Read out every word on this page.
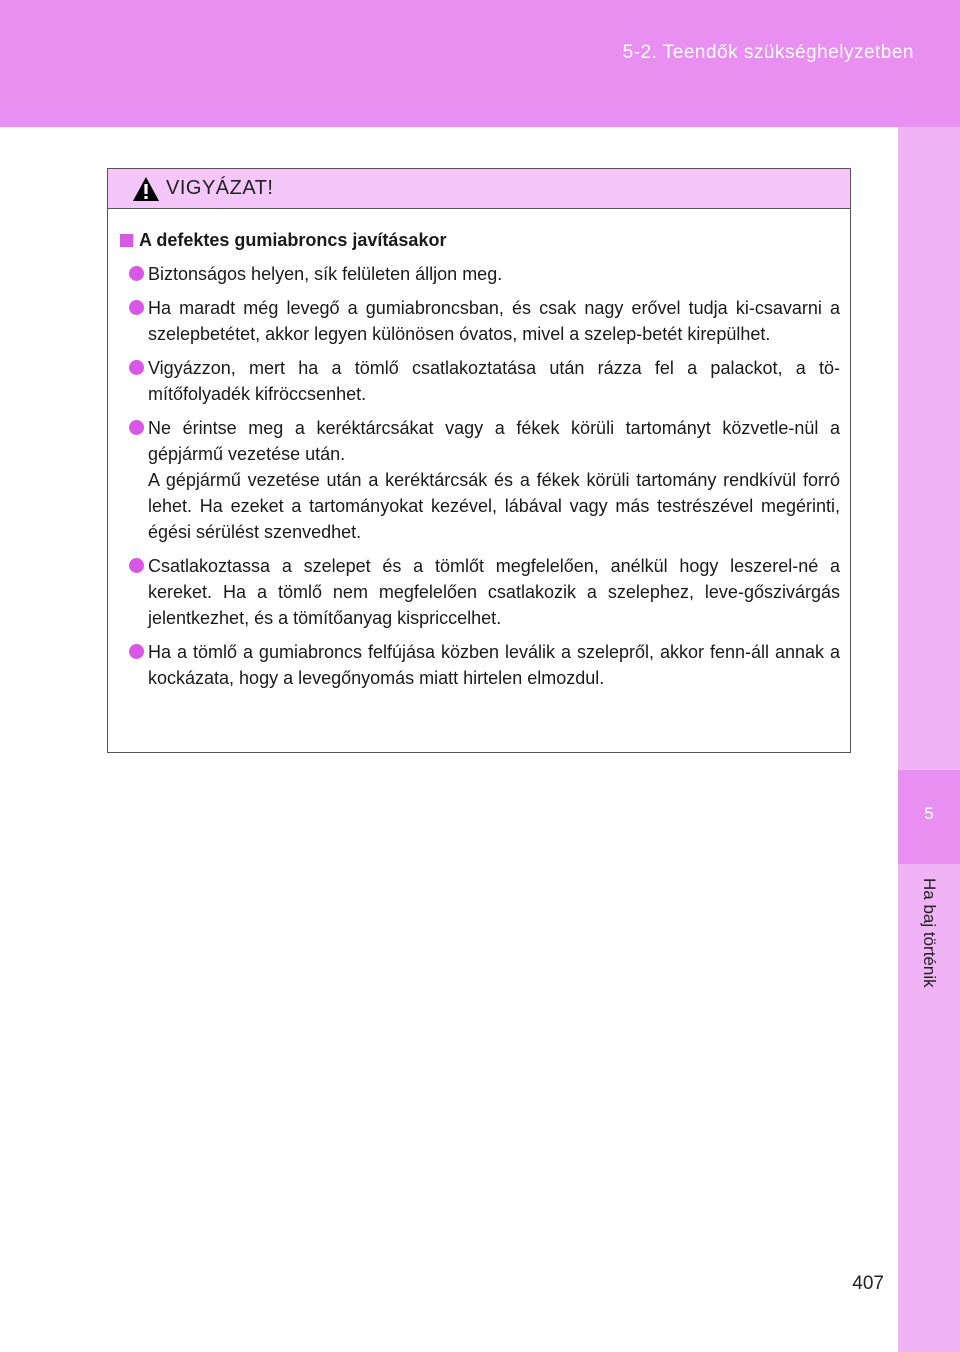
5-2. Teendők szükséghelyzetben
5
Ha baj történik
VIGYÁZAT!
A defektes gumiabroncs javításakor

Biztonságos helyen, sík felületen álljon meg.

Ha maradt még levegő a gumiabroncsban, és csak nagy erővel tudja ki-csavarni a szelepbetétet, akkor legyen különösen óvatos, mivel a szelep-betét kirepülhet.

Vigyázzon, mert ha a tömlő csatlakoztatása után rázza fel a palackot, a tö-mítőfolyadék kifröccsenhet.

Ne érintse meg a keréktárcsákat vagy a fékek körüli tartományt közvetle-nül a gépjármű vezetése után.

A gépjármű vezetése után a keréktárcsák és a fékek körüli tartomány rendkívül forró lehet. Ha ezeket a tartományokat kezével, lábával vagy más testrészével megérinti, égési sérülést szenvedhet.

Csatlakoztassa a szelepet és a tömlőt megfelelően, anélkül hogy leszerel-né a kereket. Ha a tömlő nem megfelelően csatlakozik a szelephez, leve-gőszivárgás jelentkezhet, és a tömítőanyag kispriccelhet.

Ha a tömlő a gumiabroncs felfújása közben leválik a szelepről, akkor fenn-áll annak a kockázata, hogy a levegőnyomás miatt hirtelen elmozdul.

407
